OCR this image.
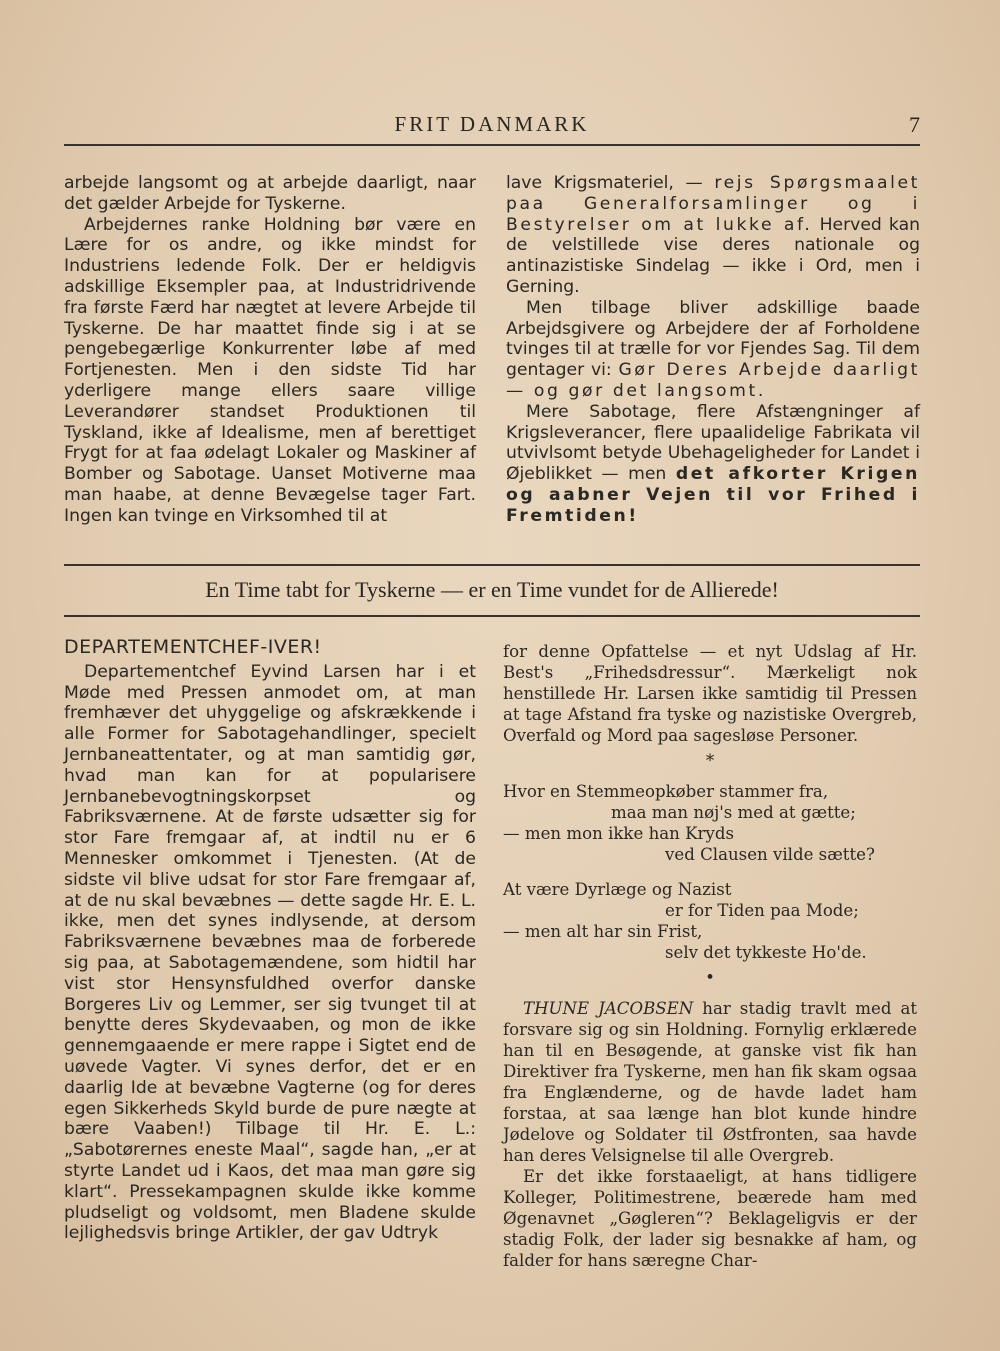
FRIT DANMARK	7

arbejde langsomt og at arbejde daarligt, naar det gælder Arbejde for Tyskerne.

Arbejdernes ranke Holdning bør være en Lære for os andre, og ikke mindst for Industriens ledende Folk. Der er heldigvis adskillige Eksempler paa, at Industridrivende fra første Færd har nægtet at levere Arbejde til Tyskerne. De har maattet finde sig i at se pengebegærlige Konkurrenter løbe af med Fortjenesten. Men i den sidste Tid har yderligere mange ellers saare villige Leverandører standset Produktionen til Tyskland, ikke af Idealisme, men af berettiget Frygt for at faa ødelagt Lokaler og Maskiner af Bomber og Sabotage. Uanset Motiverne maa man haabe, at denne Bevægelse tager Fart. Ingen kan tvinge en Virksomhed til at

lave Krigsmateriel, — rejs Spørgsmaalet paa Generalforsamlinger og i Bestyrelser om at lukke af. Herved kan de velstillede vise deres nationale og antinazistiske Sindelag — ikke i Ord, men i Gerning.

Men tilbage bliver adskillige baade Arbejdsgivere og Arbejdere der af Forholdene tvinges til at trælle for vor Fjendes Sag. Til dem gentager vi: Gør Deres Arbejde daarligt — og gør det langsomt.

Mere Sabotage, flere Afstængninger af Krigsleverancer, flere upaalidelige Fabrikata vil utvivlsomt betyde Ubehageligheder for Landet i Øjeblikket — men det afkorter Krigen og aabner Vejen til vor Frihed i Fremtiden!

En Time tabt for Tyskerne — er en Time vundet for de Allierede!
DEPARTEMENTCHEF-IVER!

Departementchef Eyvind Larsen har i et Møde med Pressen anmodet om, at man fremhæver det uhyggelige og afskrækkende i alle Former for Sabotagehandlinger, specielt Jernbaneattentater, og at man samtidig gør, hvad man kan for at popularisere Jernbanebevogtningskorpset og Fabriksværnene. At de første udsætter sig for stor Fare fremgaar af, at indtil nu er 6 Mennesker omkommet i Tjenesten. (At de sidste vil blive udsat for stor Fare fremgaar af, at de nu skal bevæbnes — dette sagde Hr. E. L. ikke, men det synes indlysende, at dersom Fabriksværnene bevæbnes maa de forberede sig paa, at Sabotagemændene, som hidtil har vist stor Hensynsfuldhed overfor danske Borgeres Liv og Lemmer, ser sig tvunget til at benytte deres Skydevaaben, og mon de ikke gennemgaaende er mere rappe i Sigtet end de uøvede Vagter. Vi synes derfor, det er en daarlig Ide at bevæbne Vagterne (og for deres egen Sikkerheds Skyld burde de pure nægte at bære Vaaben!) Tilbage til Hr. E. L.: „Sabotørernes eneste Maal“, sagde han, „er at styrte Landet ud i Kaos, det maa man gøre sig klart“. Pressekampagnen skulde ikke komme pludseligt og voldsomt, men Bladene skulde lejlighedsvis bringe Artikler, der gav Udtryk

for denne Opfattelse — et nyt Udslag af Hr. Best's „Frihedsdressur“. Mærkeligt nok henstillede Hr. Larsen ikke samtidig til Pressen at tage Afstand fra tyske og nazistiske Overgreb, Overfald og Mord paa sagesløse Personer.

*

Hvor en Stemmeopkøber stammer fra,

maa man nøj's med at gætte;

— men mon ikke han Kryds

ved Clausen vilde sætte?

At være Dyrlæge og Nazist

er for Tiden paa Mode;

— men alt har sin Frist,

selv det tykkeste Ho'de.

•

THUNE JACOBSEN har stadig travlt med at forsvare sig og sin Holdning. Fornylig erklærede han til en Besøgende, at ganske vist fik han Direktiver fra Tyskerne, men han fik skam ogsaa fra Englænderne, og de havde ladet ham forstaa, at saa længe han blot kunde hindre Jødelove og Soldater til Østfronten, saa havde han deres Velsignelse til alle Overgreb.

Er det ikke forstaaeligt, at hans tidligere Kolleger, Politimestrene, beærede ham med Øgenavnet „Gøgleren“? Beklageligvis er der stadig Folk, der lader sig besnakke af ham, og falder for hans særegne Char-
